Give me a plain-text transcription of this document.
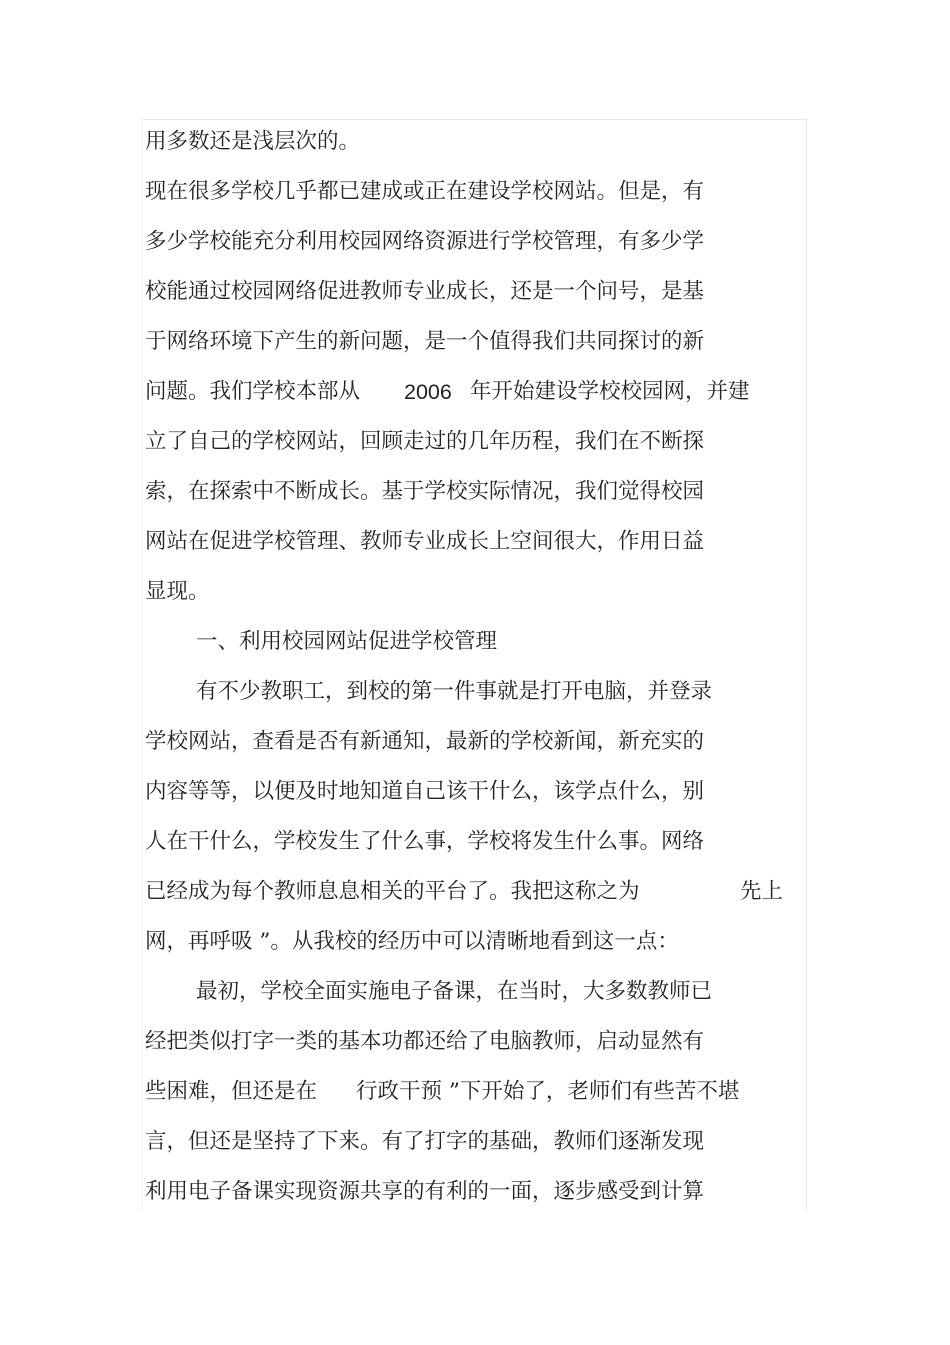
用多数还是浅层次的。

现在很多学校几乎都已建成或正在建设学校网站。但是，有

多少学校能充分利用校园网络资源进行学校管理，有多少学

校能通过校园网络促进教师专业成长，还是一个问号，是基

于网络环境下产生的新问题，是一个值得我们共同探讨的新

问题。我们学校本部从 2006 年开始建设学校校园网，并建

立了自己的学校网站，回顾走过的几年历程，我们在不断探

索，在探索中不断成长。基于学校实际情况，我们觉得校园

网站在促进学校管理、教师专业成长上空间很大，作用日益

显现。

一、利用校园网站促进学校管理

有不少教职工，到校的第一件事就是打开电脑，并登录

学校网站，查看是否有新通知，最新的学校新闻，新充实的

内容等等，以便及时地知道自己该干什么，该学点什么，别

人在干什么，学校发生了什么事，学校将发生什么事。网络

已经成为每个教师息息相关的平台了。我把这称之为	先上

网，再呼吸 ”。从我校的经历中可以清晰地看到这一点：

最初，学校全面实施电子备课，在当时，大多数教师已

经把类似打字一类的基本功都还给了电脑教师，启动显然有

些困难，但还是在 行政干预 ”下开始了，老师们有些苦不堪

言，但还是坚持了下来。有了打字的基础，教师们逐渐发现

利用电子备课实现资源共享的有利的一面，逐步感受到计算
